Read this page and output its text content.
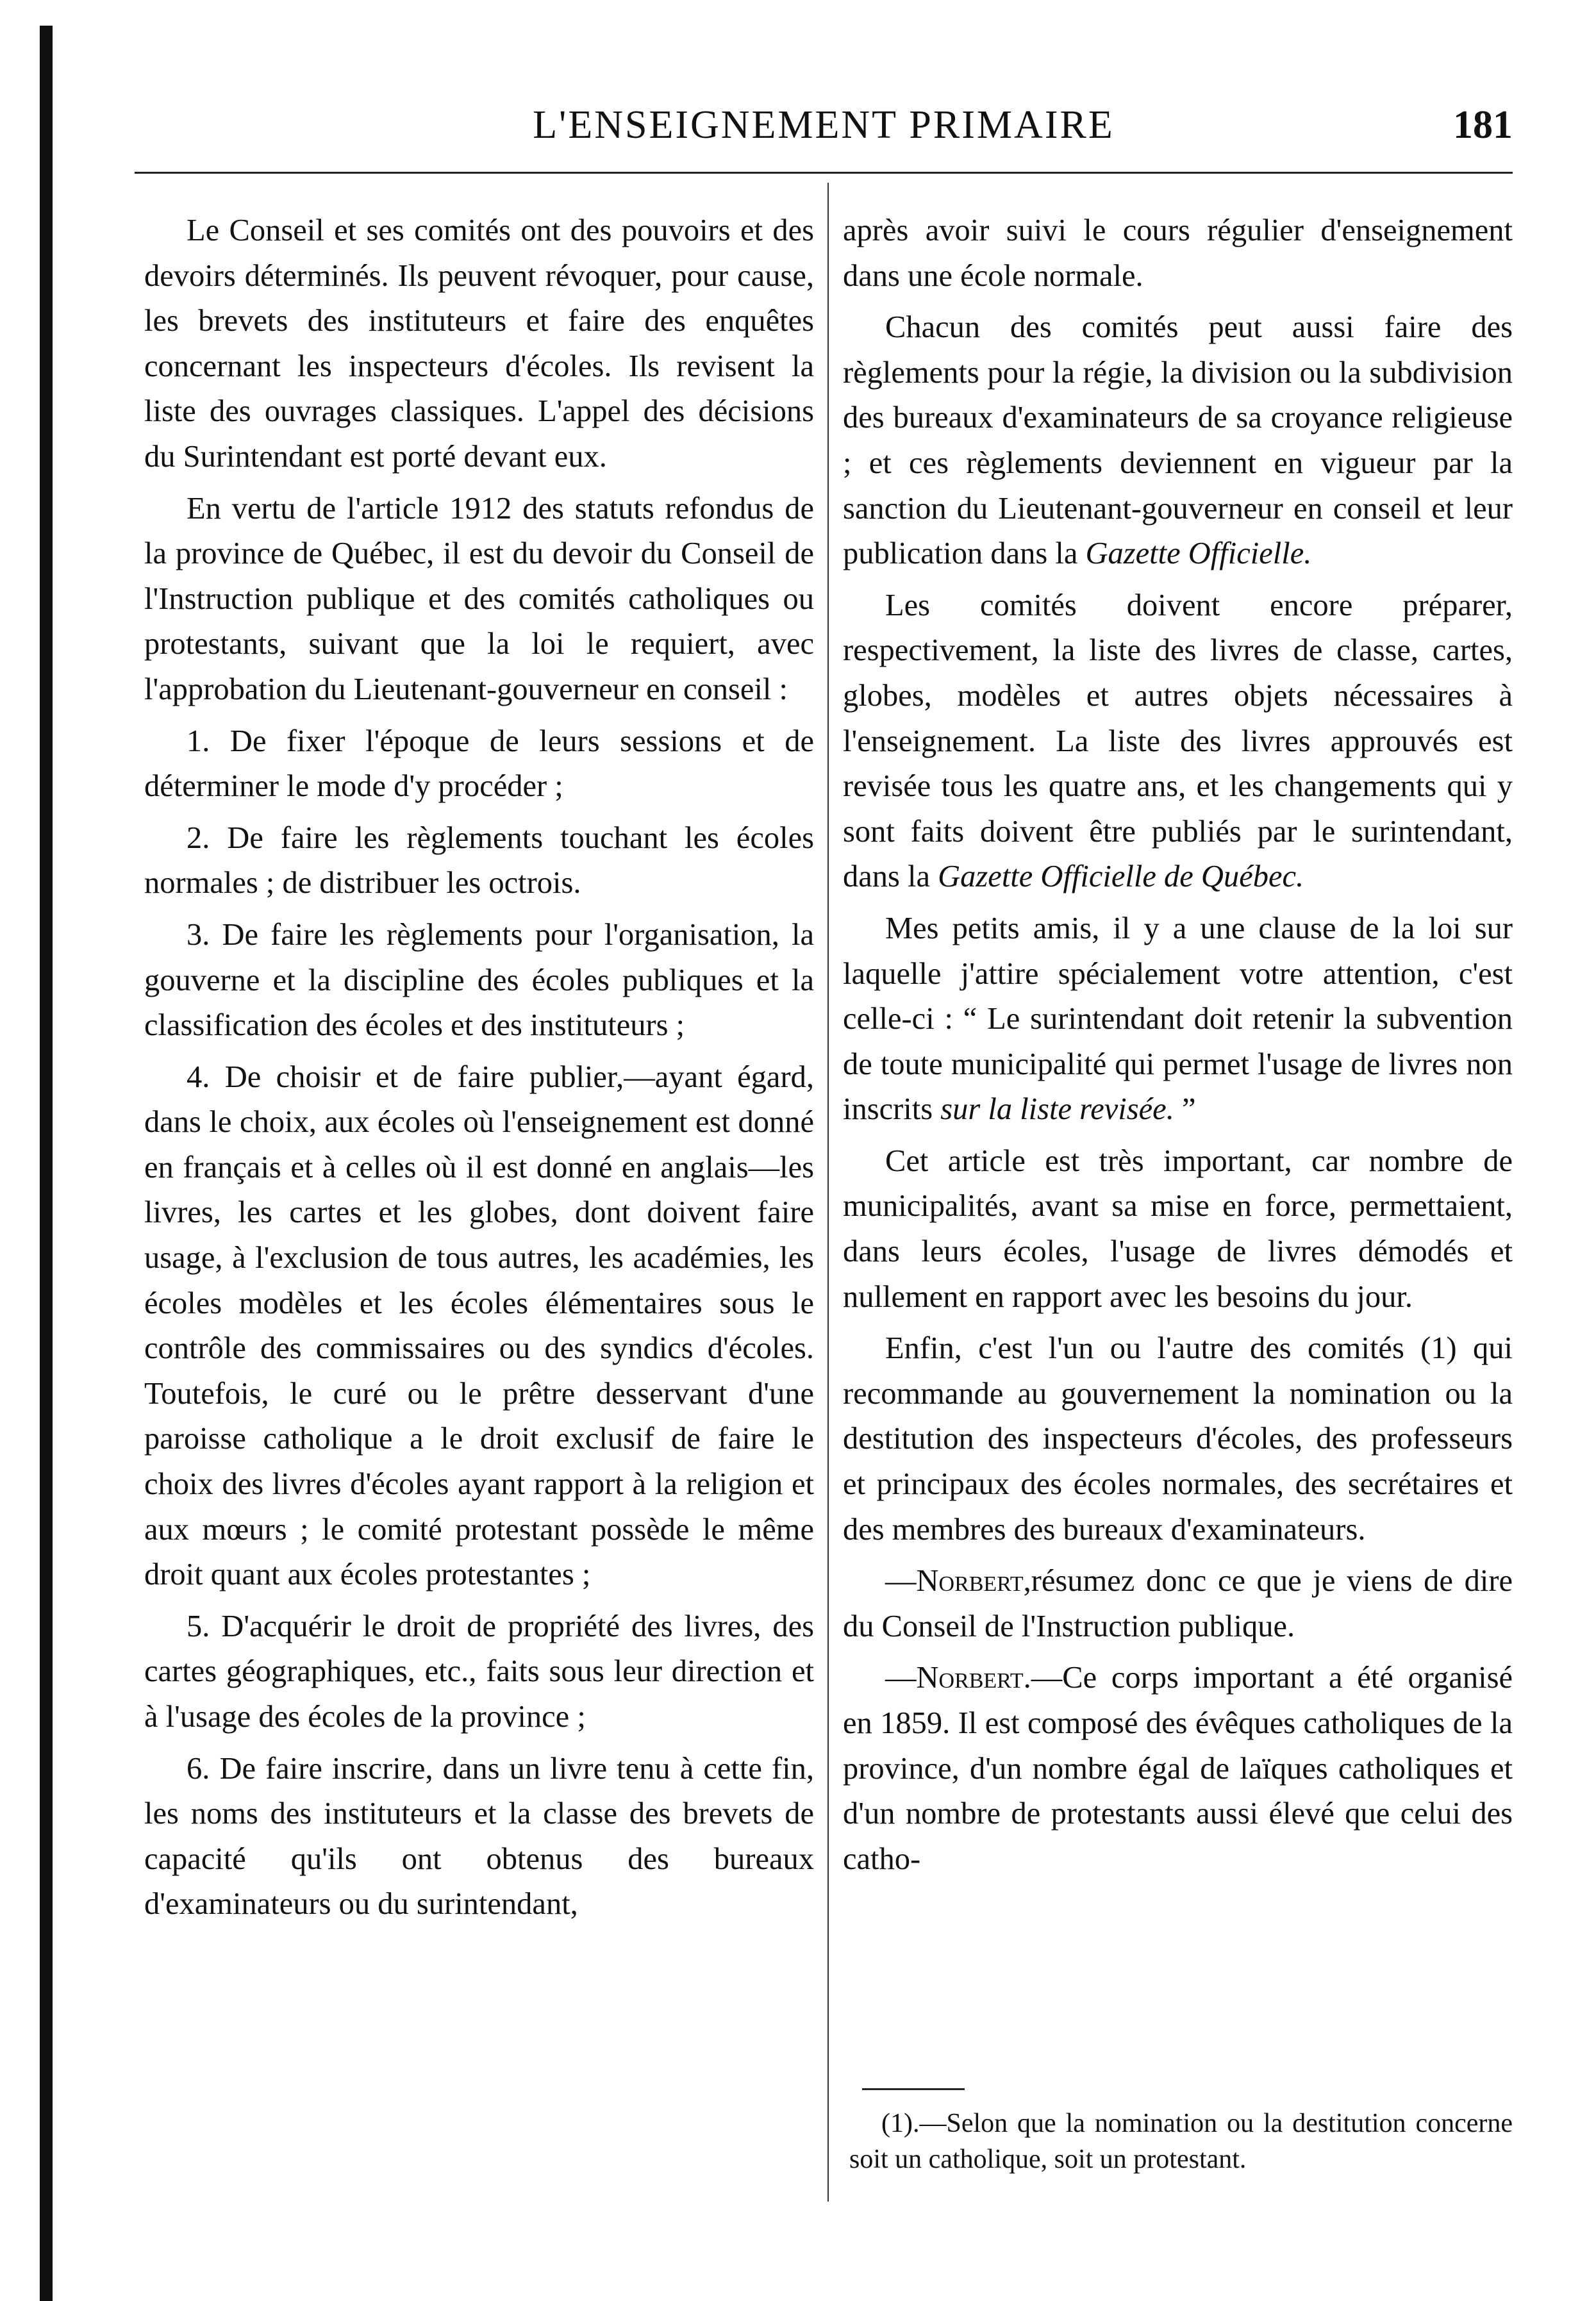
L'ENSEIGNEMENT PRIMAIRE	181

Le Conseil et ses comités ont des pouvoirs et des devoirs déterminés. Ils peuvent révoquer, pour cause, les brevets des instituteurs et faire des enquêtes concernant les inspecteurs d'écoles. Ils revisent la liste des ouvrages classiques. L'appel des décisions du Surintendant est porté devant eux.

En vertu de l'article 1912 des statuts refondus de la province de Québec, il est du devoir du Conseil de l'Instruction publique et des comités catholiques ou protestants, suivant que la loi le requiert, avec l'approbation du Lieutenant-gouverneur en conseil :

1. De fixer l'époque de leurs sessions et de déterminer le mode d'y procéder ;

2. De faire les règlements touchant les écoles normales ; de distribuer les octrois.

3. De faire les règlements pour l'organisation, la gouverne et la discipline des écoles publiques et la classification des écoles et des instituteurs ;

4. De choisir et de faire publier,—ayant égard, dans le choix, aux écoles où l'enseignement est donné en français et à celles où il est donné en anglais—les livres, les cartes et les globes, dont doivent faire usage, à l'exclusion de tous autres, les académies, les écoles modèles et les écoles élémentaires sous le contrôle des commissaires ou des syndics d'écoles. Toutefois, le curé ou le prêtre desservant d'une paroisse catholique a le droit exclusif de faire le choix des livres d'écoles ayant rapport à la religion et aux mœurs ; le comité protestant possède le même droit quant aux écoles protestantes ;

5. D'acquérir le droit de propriété des livres, des cartes géographiques, etc., faits sous leur direction et à l'usage des écoles de la province ;

6. De faire inscrire, dans un livre tenu à cette fin, les noms des instituteurs et la classe des brevets de capacité qu'ils ont obtenus des bureaux d'examinateurs ou du surintendant,

après avoir suivi le cours régulier d'enseignement dans une école normale.

Chacun des comités peut aussi faire des règlements pour la régie, la division ou la subdivision des bureaux d'examinateurs de sa croyance religieuse ; et ces règlements deviennent en vigueur par la sanction du Lieutenant-gouverneur en conseil et leur publication dans la Gazette Officielle.

Les comités doivent encore préparer, respectivement, la liste des livres de classe, cartes, globes, modèles et autres objets nécessaires à l'enseignement. La liste des livres approuvés est revisée tous les quatre ans, et les changements qui y sont faits doivent être publiés par le surintendant, dans la Gazette Officielle de Québec.

Mes petits amis, il y a une clause de la loi sur laquelle j'attire spécialement votre attention, c'est celle-ci : “ Le surintendant doit retenir la subvention de toute municipalité qui permet l'usage de livres non inscrits sur la liste revisée. ”

Cet article est très important, car nombre de municipalités, avant sa mise en force, permettaient, dans leurs écoles, l'usage de livres démodés et nullement en rapport avec les besoins du jour.

Enfin, c'est l'un ou l'autre des comités (1) qui recommande au gouvernement la nomination ou la destitution des inspecteurs d'écoles, des professeurs et principaux des écoles normales, des secrétaires et des membres des bureaux d'examinateurs.

—Norbert,résumez donc ce que je viens de dire du Conseil de l'Instruction publique.

—Norbert.—Ce corps important a été organisé en 1859. Il est composé des évêques catholiques de la province, d'un nombre égal de laïques catholiques et d'un nombre de protestants aussi élevé que celui des catho-

(1).—Selon que la nomination ou la destitution concerne soit un catholique, soit un protestant.
